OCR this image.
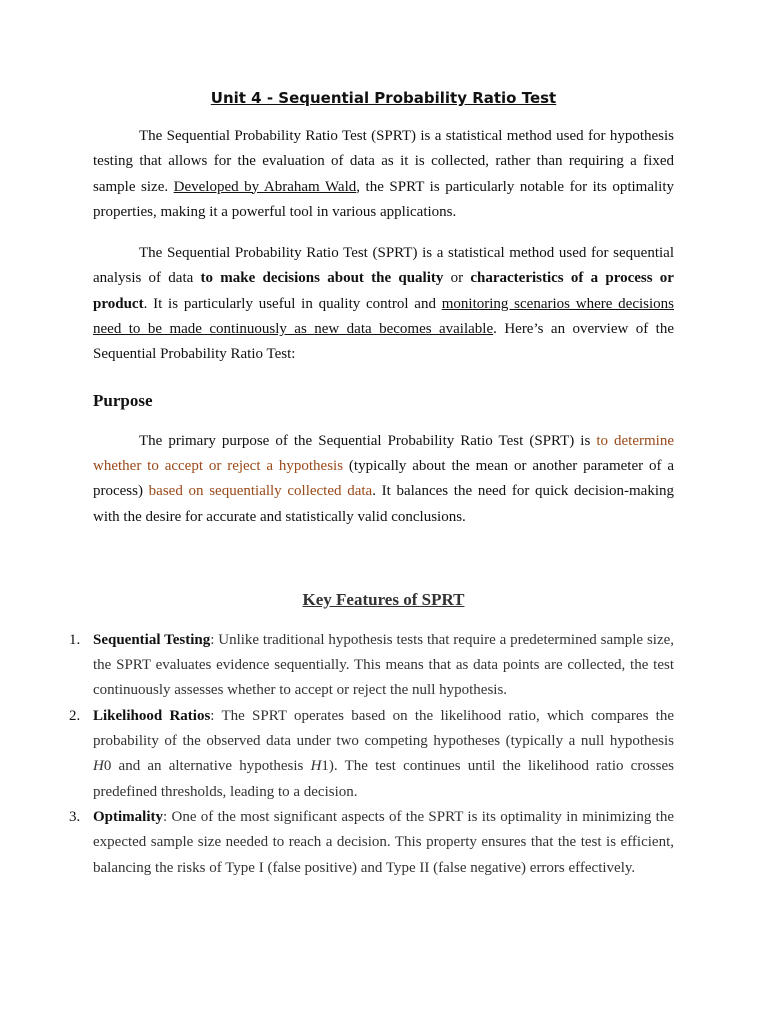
Unit 4 - Sequential Probability Ratio Test

The Sequential Probability Ratio Test (SPRT) is a statistical method used for hypothesis testing that allows for the evaluation of data as it is collected, rather than requiring a fixed sample size. Developed by Abraham Wald, the SPRT is particularly notable for its optimality properties, making it a powerful tool in various applications.

The Sequential Probability Ratio Test (SPRT) is a statistical method used for sequential analysis of data to make decisions about the quality or characteristics of a process or product. It is particularly useful in quality control and monitoring scenarios where decisions need to be made continuously as new data becomes available. Here’s an overview of the Sequential Probability Ratio Test:

Purpose

The primary purpose of the Sequential Probability Ratio Test (SPRT) is to determine whether to accept or reject a hypothesis (typically about the mean or another parameter of a process) based on sequentially collected data. It balances the need for quick decision-making with the desire for accurate and statistically valid conclusions.

Key Features of SPRT
1. Sequential Testing: Unlike traditional hypothesis tests that require a predetermined sample size, the SPRT evaluates evidence sequentially. This means that as data points are collected, the test continuously assesses whether to accept or reject the null hypothesis.
2. Likelihood Ratios: The SPRT operates based on the likelihood ratio, which compares the probability of the observed data under two competing hypotheses (typically a null hypothesis H0 and an alternative hypothesis H1). The test continues until the likelihood ratio crosses predefined thresholds, leading to a decision.
3. Optimality: One of the most significant aspects of the SPRT is its optimality in minimizing the expected sample size needed to reach a decision. This property ensures that the test is efficient, balancing the risks of Type I (false positive) and Type II (false negative) errors effectively.
